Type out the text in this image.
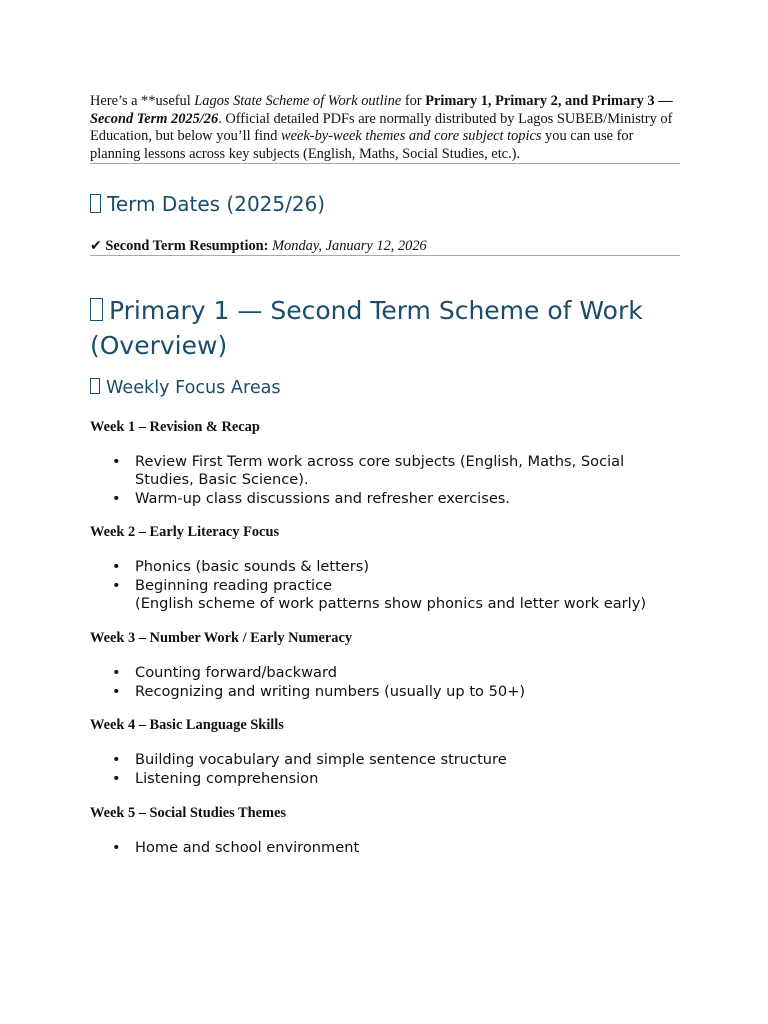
Here’s a **useful Lagos State Scheme of Work outline for Primary 1, Primary 2, and Primary 3 — Second Term 2025/26. Official detailed PDFs are normally distributed by Lagos SUBEB/Ministry of Education, but below you’ll find week-by-week themes and core subject topics you can use for planning lessons across key subjects (English, Maths, Social Studies, etc.).

Term Dates (2025/26)

✔ Second Term Resumption: Monday, January 12, 2026

Primary 1 — Second Term Scheme of Work (Overview)
Weekly Focus Areas

Week 1 – Revision & Recap

• Review First Term work across core subjects (English, Maths, Social Studies, Basic Science).
• Warm-up class discussions and refresher exercises.

Week 2 – Early Literacy Focus

• Phonics (basic sounds & letters)
• Beginning reading practice
(English scheme of work patterns show phonics and letter work early)

Week 3 – Number Work / Early Numeracy

• Counting forward/backward
• Recognizing and writing numbers (usually up to 50+)

Week 4 – Basic Language Skills

• Building vocabulary and simple sentence structure
• Listening comprehension

Week 5 – Social Studies Themes

• Home and school environment
